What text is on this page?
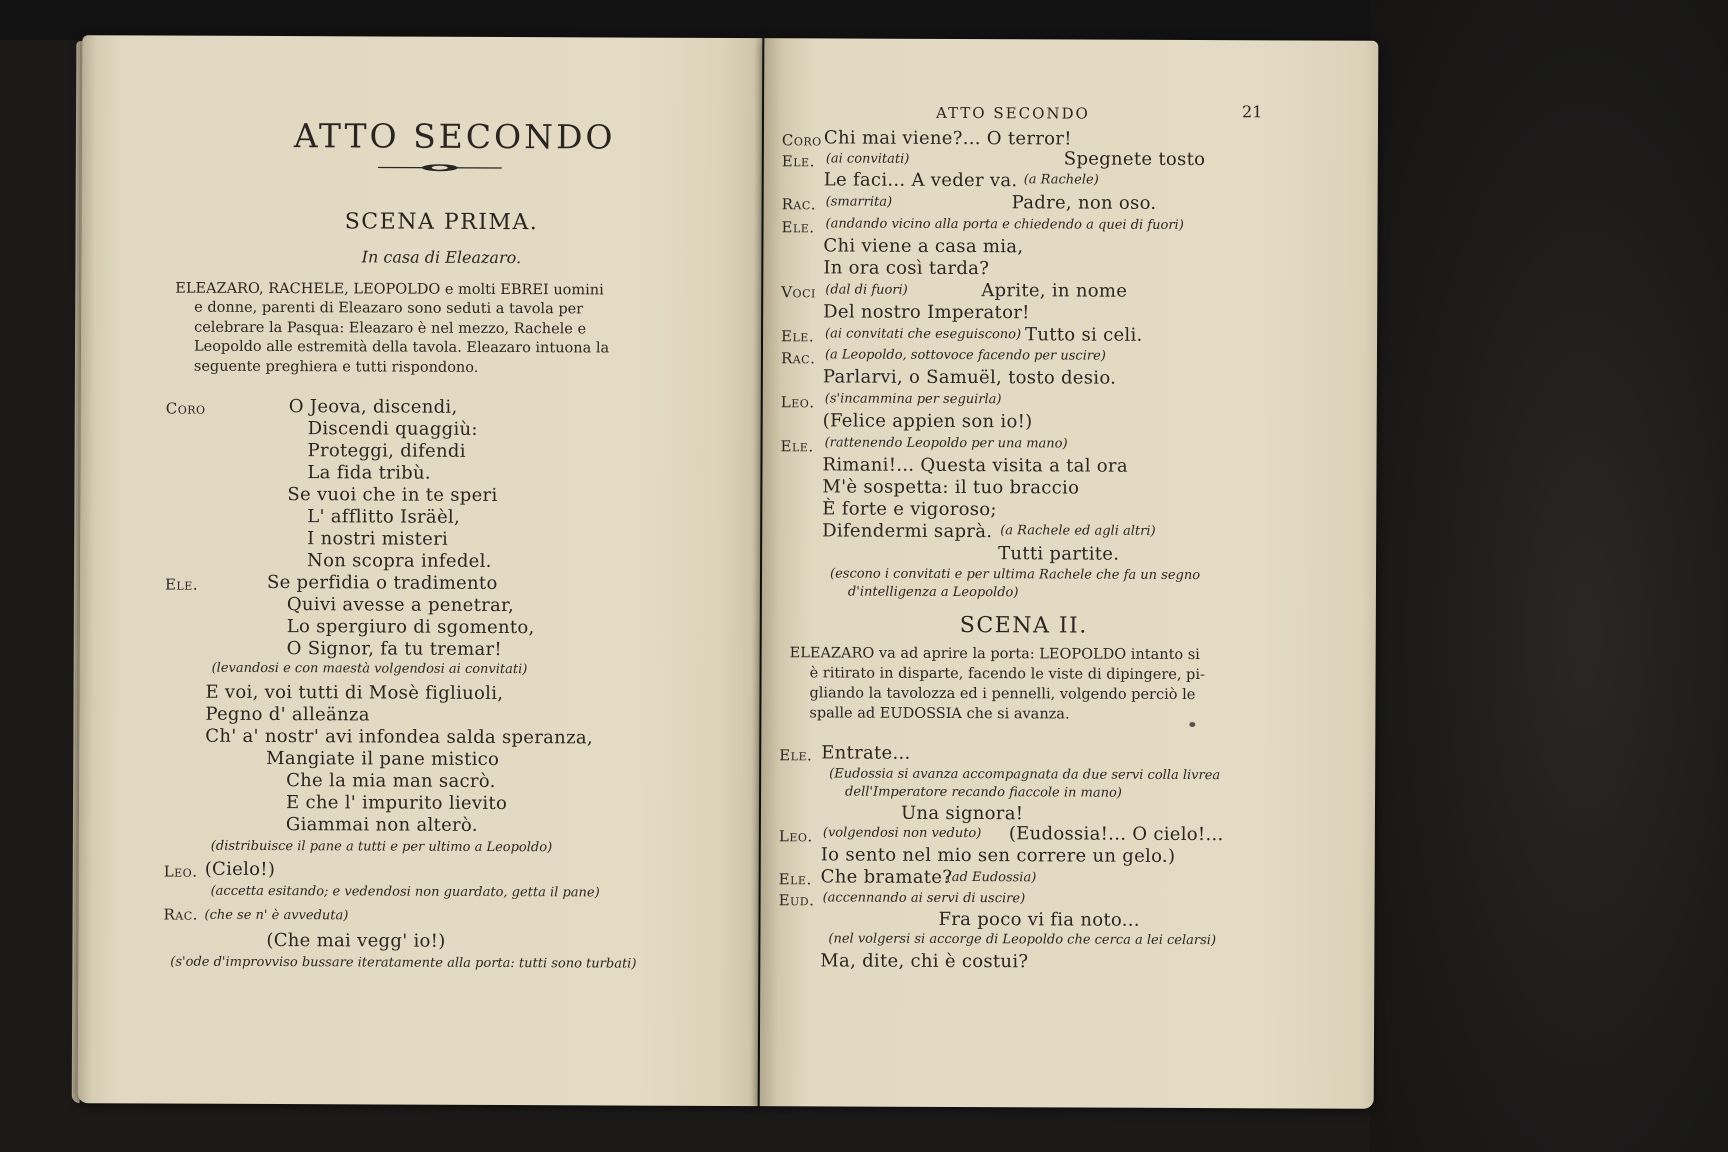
ATTO SECONDO
SCENA PRIMA.
In casa di Eleazaro.
ELEAZARO, RACHELE, LEOPOLDO e molti EBREI uomini
e donne, parenti di Eleazaro sono seduti a tavola per
celebrare la Pasqua: Eleazaro è nel mezzo, Rachele e
Leopoldo alle estremità della tavola. Eleazaro intuona la
seguente preghiera e tutti rispondono.
Coro	O Jeova, discendi,
Discendi quaggiù:
Proteggi, difendi
La fida tribù.
Se vuoi che in te speri
L' afflitto Isräèl,
I nostri misteri
Non scopra infedel.
Ele.	Se perfidia o tradimento
Quivi avesse a penetrar,
Lo spergiuro di sgomento,
O Signor, fa tu tremar!
(levandosi e con maestà volgendosi ai convitati)
E voi, voi tutti di Mosè figliuoli,
Pegno d' alleänza
Ch' a' nostr' avi infondea salda speranza,
Mangiate il pane mistico
Che la mia man sacrò.
E che l' impurito lievito
Giammai non alterò.
(distribuisce il pane a tutti e per ultimo a Leopoldo)
Leo. (Cielo!)
(accetta esitando; e vedendosi non guardato, getta il pane)
Rac. (che se n' è avveduta)
(Che mai vegg' io!)
(s'ode d'improvviso bussare iteratamente alla porta: tutti sono turbati)
ATTO SECONDO	21
Coro Chi mai viene?... O terror!
Ele. (ai convitati)	Spegnete tosto
Le faci... A veder va. (a Rachele)
Rac. (smarrita)	Padre, non oso.
Ele. (andando vicino alla porta e chiedendo a quei di fuori)
Chi viene a casa mia,
In ora così tarda?
Voci (dal di fuori)	Aprite, in nome
Del nostro Imperator!
Ele. (ai convitati che eseguiscono) Tutto si celi.
Rac. (a Leopoldo, sottovoce facendo per uscire)
Parlarvi, o Samuël, tosto desio.
Leo. (s'incammina per seguirla)
(Felice appien son io!)
Ele. (rattenendo Leopoldo per una mano)
Rimani!... Questa visita a tal ora
M'è sospetta: il tuo braccio
È forte e vigoroso;
Difendermi saprà. (a Rachele ed agli altri)
Tutti partite.
(escono i convitati e per ultima Rachele che fa un segno
d'intelligenza a Leopoldo)
SCENA II.
ELEAZARO va ad aprire la porta: LEOPOLDO intanto si
è ritirato in disparte, facendo le viste di dipingere, pi-
gliando la tavolozza ed i pennelli, volgendo perciò le
spalle ad EUDOSSIA che si avanza.
Ele. Entrate...
(Eudossia si avanza accompagnata da due servi colla livrea
dell'Imperatore recando fiaccole in mano)
Una signora!
Leo. (volgendosi non veduto) (Eudossia!... O cielo!...
Io sento nel mio sen correre un gelo.)
Ele. Che bramate?
(ad Eudossia)
Eud. (accennando ai servi di uscire)
Fra poco vi fia noto...
(nel volgersi si accorge di Leopoldo che cerca a lei celarsi)
Ma, dite, chi è costui?
